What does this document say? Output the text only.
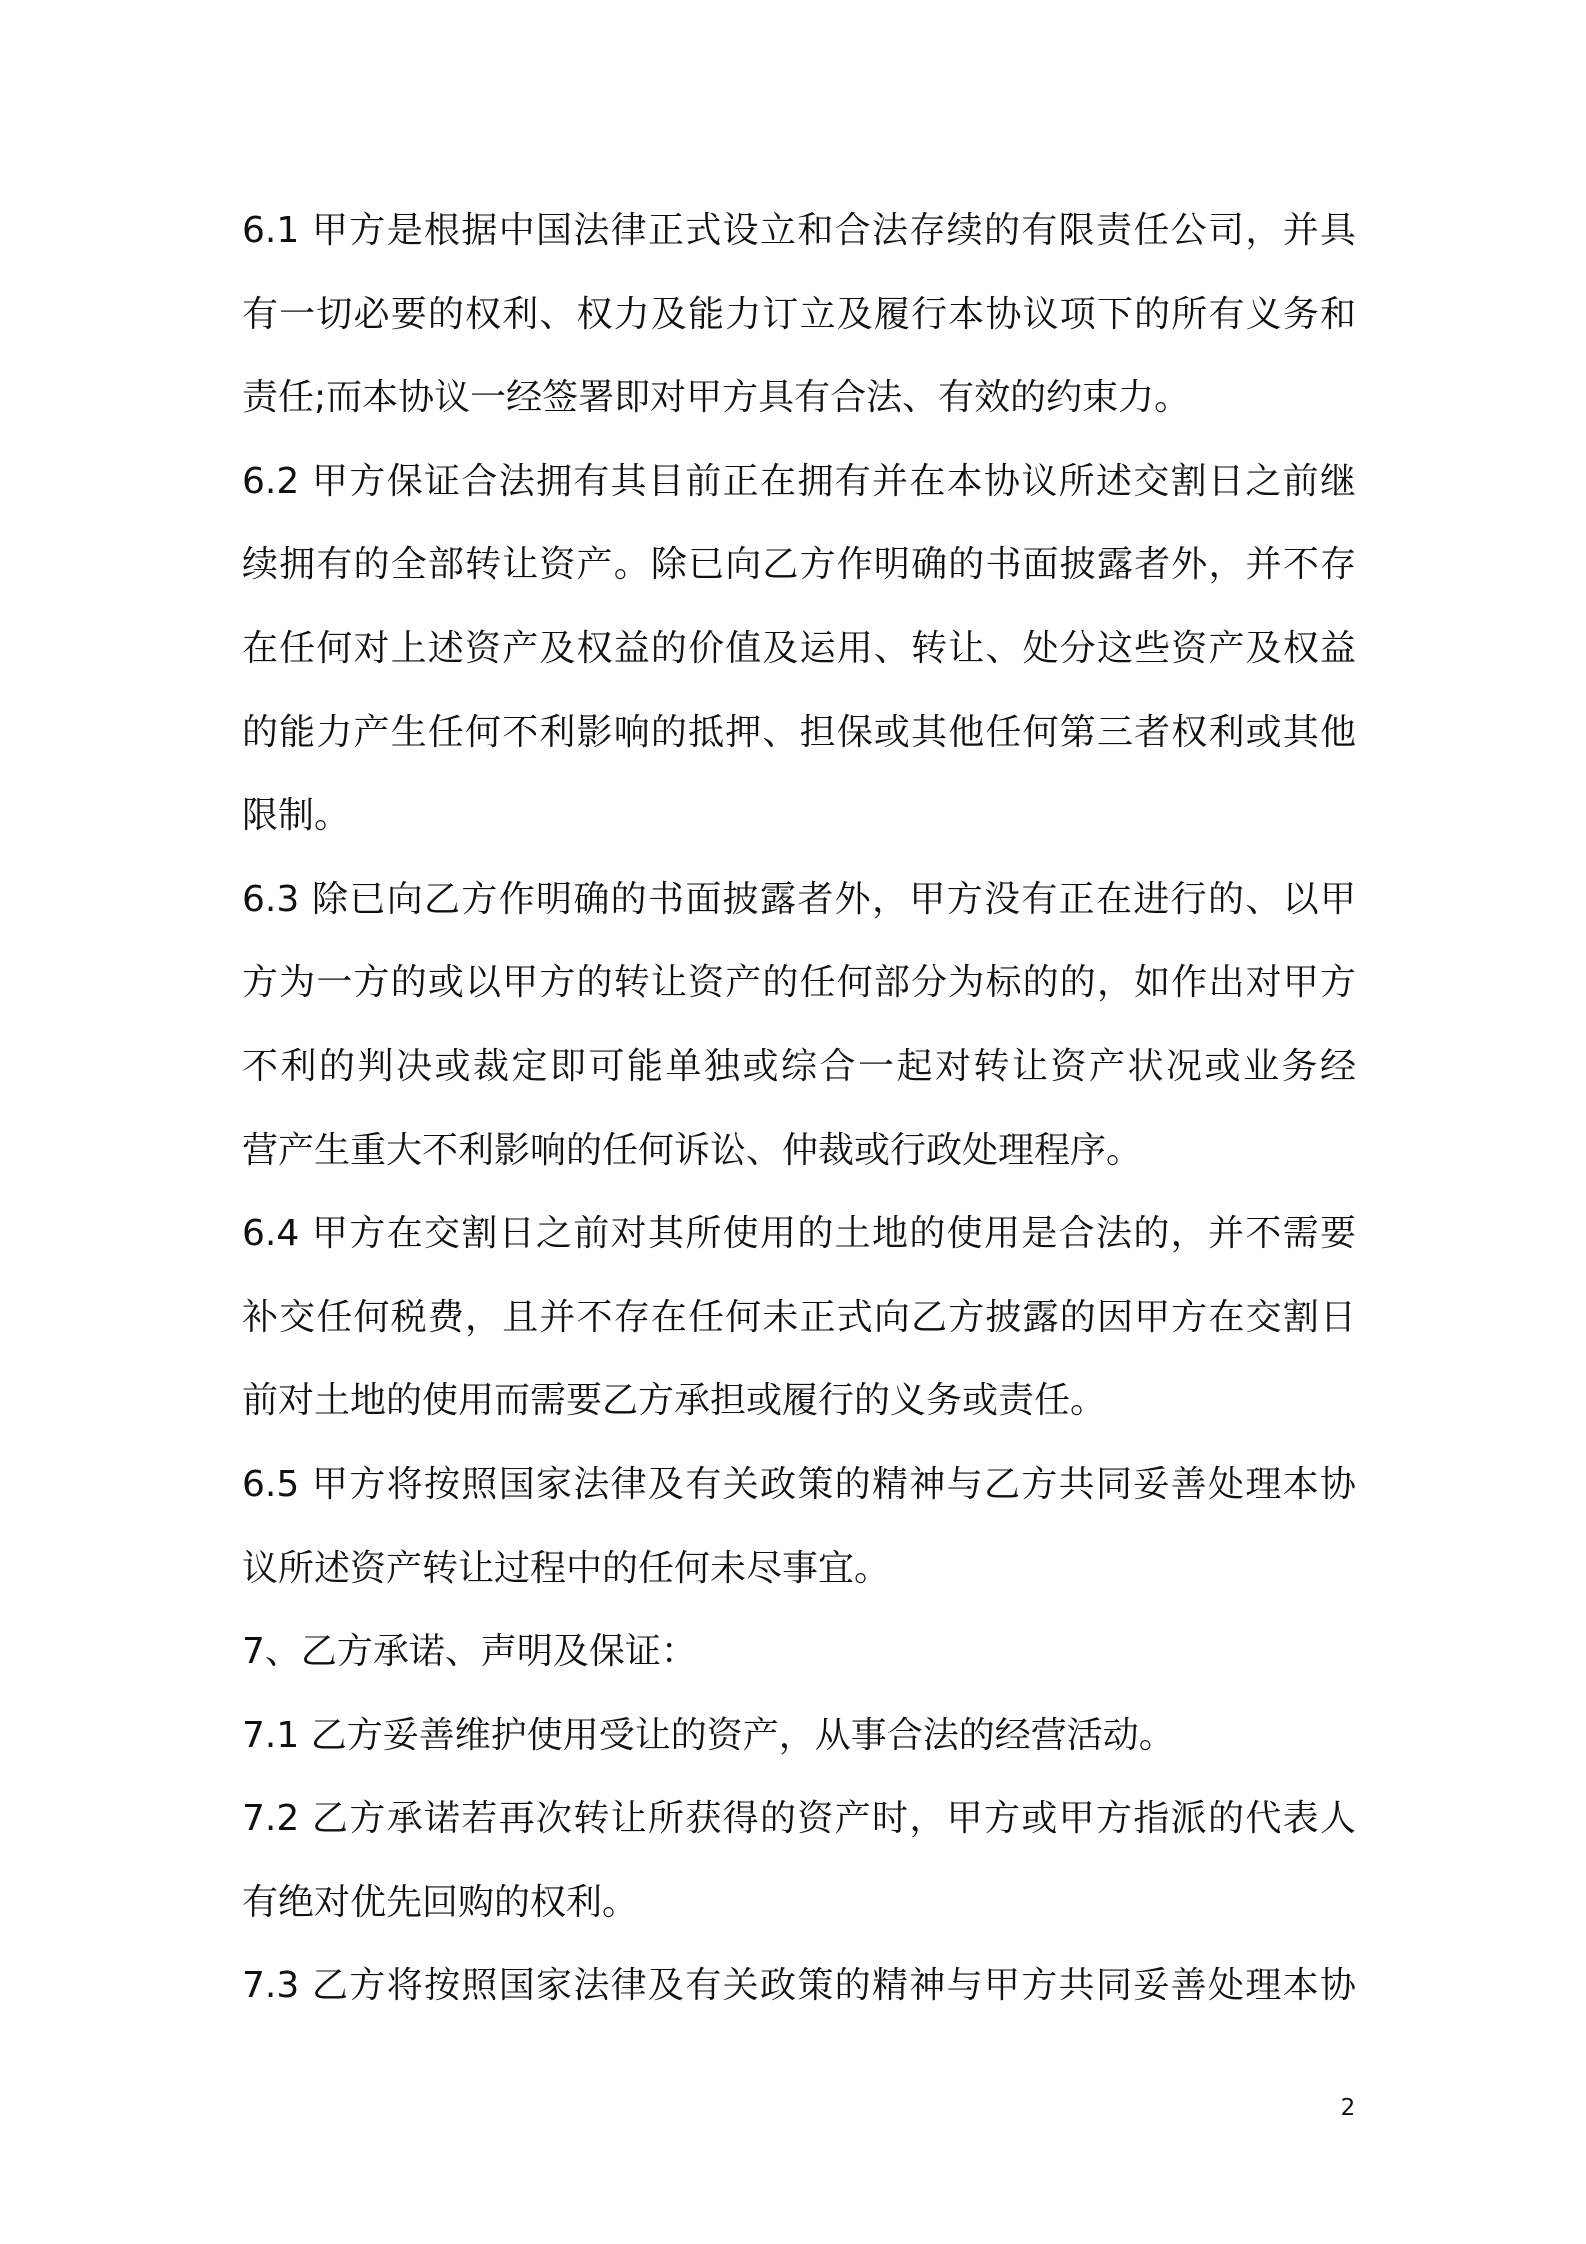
6.1 甲方是根据中国法律正式设立和合法存续的有限责任公司，并具
有一切必要的权利、权力及能力订立及履行本协议项下的所有义务和
责任;而本协议一经签署即对甲方具有合法、有效的约束力。
6.2 甲方保证合法拥有其目前正在拥有并在本协议所述交割日之前继
续拥有的全部转让资产。除已向乙方作明确的书面披露者外，并不存
在任何对上述资产及权益的价值及运用、转让、处分这些资产及权益
的能力产生任何不利影响的抵押、担保或其他任何第三者权利或其他
限制。
6.3 除已向乙方作明确的书面披露者外，甲方没有正在进行的、以甲
方为一方的或以甲方的转让资产的任何部分为标的的，如作出对甲方
不利的判决或裁定即可能单独或综合一起对转让资产状况或业务经
营产生重大不利影响的任何诉讼、仲裁或行政处理程序。
6.4 甲方在交割日之前对其所使用的土地的使用是合法的，并不需要
补交任何税费，且并不存在任何未正式向乙方披露的因甲方在交割日
前对土地的使用而需要乙方承担或履行的义务或责任。
6.5 甲方将按照国家法律及有关政策的精神与乙方共同妥善处理本协
议所述资产转让过程中的任何未尽事宜。
7、乙方承诺、声明及保证：
7.1 乙方妥善维护使用受让的资产，从事合法的经营活动。
7.2 乙方承诺若再次转让所获得的资产时，甲方或甲方指派的代表人
有绝对优先回购的权利。
7.3 乙方将按照国家法律及有关政策的精神与甲方共同妥善处理本协
2
